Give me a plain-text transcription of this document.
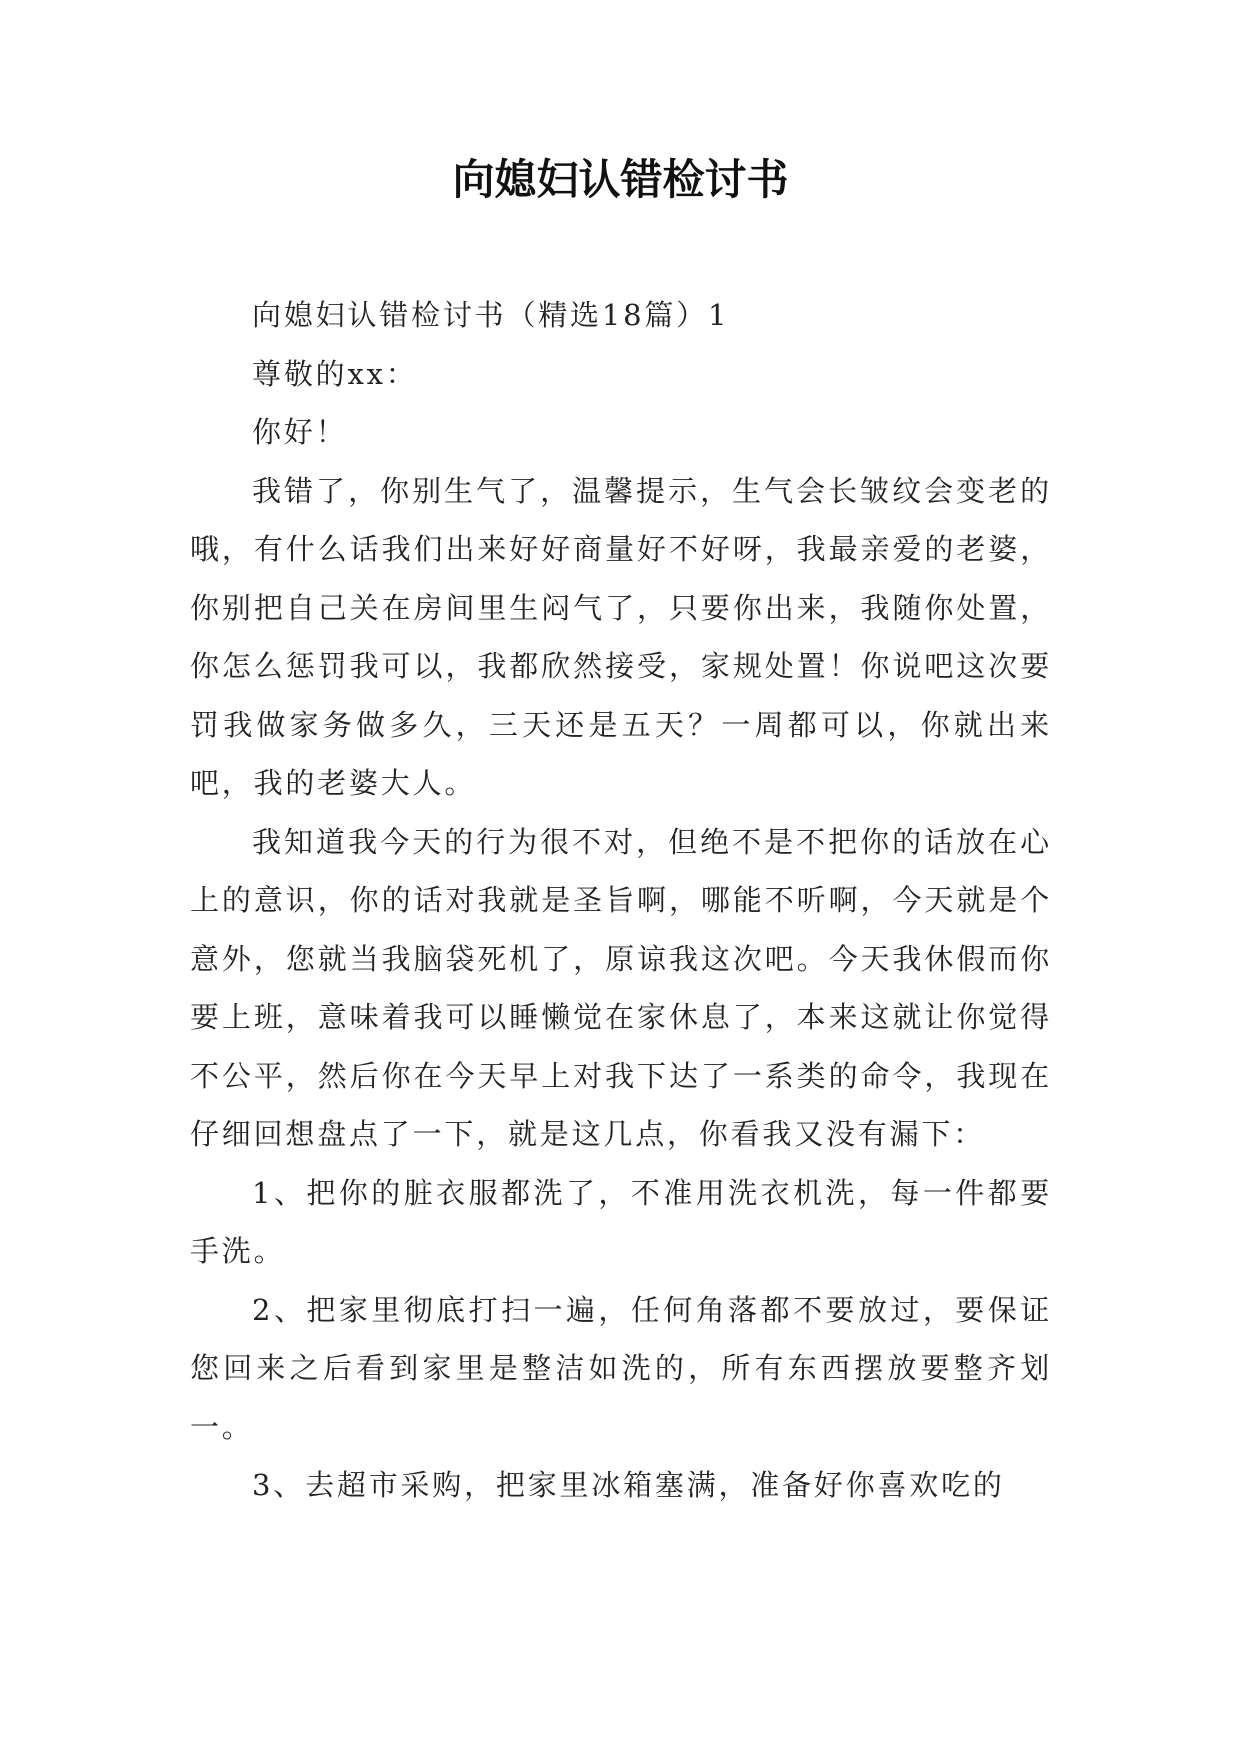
向媳妇认错检讨书

向媳妇认错检讨书（精选18篇）1

尊敬的xx：

你好！

我错了，你别生气了，温馨提示，生气会长皱纹会变老的哦，有什么话我们出来好好商量好不好呀，我最亲爱的老婆，你别把自己关在房间里生闷气了，只要你出来，我随你处置，你怎么惩罚我可以，我都欣然接受，家规处置！你说吧这次要罚我做家务做多久，三天还是五天？一周都可以，你就出来吧，我的老婆大人。

我知道我今天的行为很不对，但绝不是不把你的话放在心上的意识，你的话对我就是圣旨啊，哪能不听啊，今天就是个意外，您就当我脑袋死机了，原谅我这次吧。今天我休假而你要上班，意味着我可以睡懒觉在家休息了，本来这就让你觉得不公平，然后你在今天早上对我下达了一系类的命令，我现在仔细回想盘点了一下，就是这几点，你看我又没有漏下：

1、把你的脏衣服都洗了，不准用洗衣机洗，每一件都要手洗。

2、把家里彻底打扫一遍，任何角落都不要放过，要保证您回来之后看到家里是整洁如洗的，所有东西摆放要整齐划一。

3、去超市采购，把家里冰箱塞满，准备好你喜欢吃的
